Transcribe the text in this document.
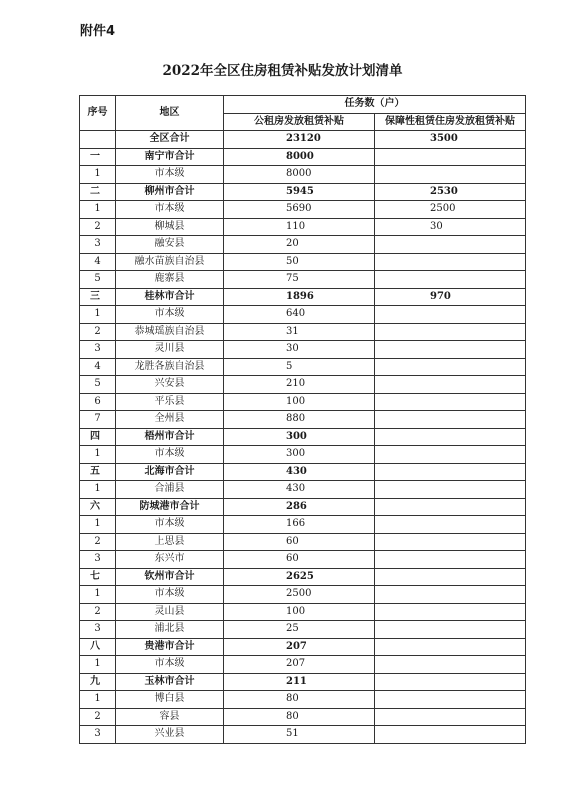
附件4
2022年全区住房租赁补贴发放计划清单
序号	地区	任务数（户）	
		公租房发放租赁补贴	保障性租赁住房发放租赁补贴
	全区合计	23120	3500
一	南宁市合计	8000	
1	市本级	8000	
二	柳州市合计	5945	2530
1	市本级	5690	2500
2	柳城县	110	30
3	融安县	20	
4	融水苗族自治县	50	
5	鹿寨县	75	
三	桂林市合计	1896	970
1	市本级	640	
2	恭城瑶族自治县	31	
3	灵川县	30	
4	龙胜各族自治县	5	
5	兴安县	210	
6	平乐县	100	
7	全州县	880	
四	梧州市合计	300	
1	市本级	300	
五	北海市合计	430	
1	合浦县	430	
六	防城港市合计	286	
1	市本级	166	
2	上思县	60	
3	东兴市	60	
七	钦州市合计	2625	
1	市本级	2500	
2	灵山县	100	
3	浦北县	25	
八	贵港市合计	207	
1	市本级	207	
九	玉林市合计	211	
1	博白县	80	
2	容县	80	
3	兴业县	51	
